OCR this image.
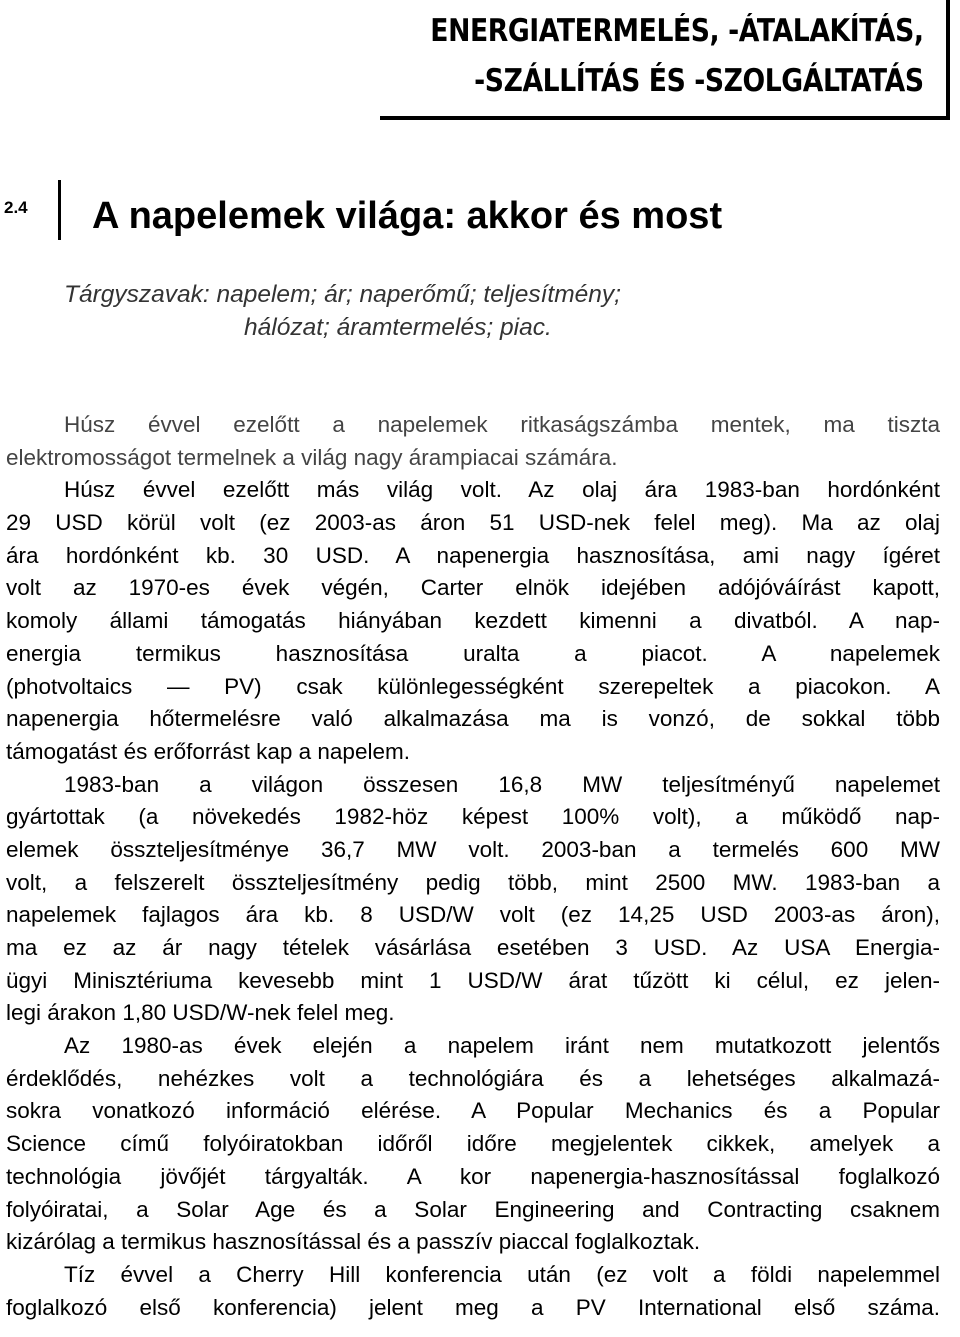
ENERGIATERMELÉS, -ÁTALAKÍTÁS,
-SZÁLLÍTÁS ÉS -SZOLGÁLTATÁS
2.4 A napelemek világa: akkor és most
Tárgyszavak: napelem; ár; naperőmű; teljesítmény;
hálózat; áramtermelés; piac.
Húsz évvel ezelőtt a napelemek ritkaságszámba mentek, ma tiszta
elektromosságot termelnek a világ nagy árampiacai számára.
Húsz évvel ezelőtt más világ volt. Az olaj ára 1983-ban hordónként
29 USD körül volt (ez 2003-as áron 51 USD-nek felel meg). Ma az olaj
ára hordónként kb. 30 USD. A napenergia hasznosítása, ami nagy ígéret
volt az 1970-es évek végén, Carter elnök idejében adójóváírást kapott,
komoly állami támogatás hiányában kezdett kimenni a divatból. A nap-
energia termikus hasznosítása uralta a piacot. A napelemek
(photvoltaics — PV) csak különlegességként szerepeltek a piacokon. A
napenergia hőtermelésre való alkalmazása ma is vonzó, de sokkal több
támogatást és erőforrást kap a napelem.
1983-ban a világon összesen 16,8 MW teljesítményű napelemet
gyártottak (a növekedés 1982-höz képest 100% volt), a működő nap-
elemek összteljesítménye 36,7 MW volt. 2003-ban a termelés 600 MW
volt, a felszerelt összteljesítmény pedig több, mint 2500 MW. 1983-ban a
napelemek fajlagos ára kb. 8 USD/W volt (ez 14,25 USD 2003-as áron),
ma ez az ár nagy tételek vásárlása esetében 3 USD. Az USA Energia-
ügyi Minisztériuma kevesebb mint 1 USD/W árat tűzött ki célul, ez jelen-
legi árakon 1,80 USD/W-nek felel meg.
Az 1980-as évek elején a napelem iránt nem mutatkozott jelentős
érdeklődés, nehézkes volt a technológiára és a lehetséges alkalmazá-
sokra vonatkozó információ elérése. A Popular Mechanics és a Popular
Science című folyóiratokban időről időre megjelentek cikkek, amelyek a
technológia jövőjét tárgyalták. A kor napenergia-hasznosítással foglalkozó
folyóiratai, a Solar Age és a Solar Engineering and Contracting csaknem
kizárólag a termikus hasznosítással és a passzív piaccal foglalkoztak.
Tíz évvel a Cherry Hill konferencia után (ez volt a földi napelemmel
foglalkozó első konferencia) jelent meg a PV International első száma.
